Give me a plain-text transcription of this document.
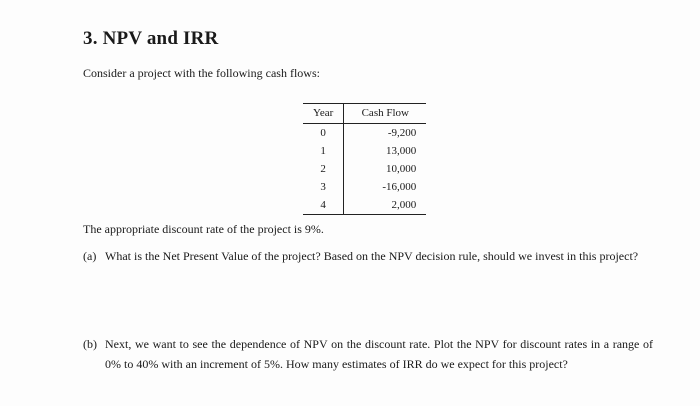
3. NPV and IRR

Consider a project with the following cash flows:

Year	Cash Flow
0	-9,200
1	13,000
2	10,000
3	-16,000
4	2,000

The appropriate discount rate of the project is 9%.

(a) What is the Net Present Value of the project? Based on the NPV decision rule, should we invest in this project?
(b) Next, we want to see the dependence of NPV on the discount rate. Plot the NPV for discount rates in a range of 0% to 40% with an increment of 5%. How many estimates of IRR do we expect for this project?
